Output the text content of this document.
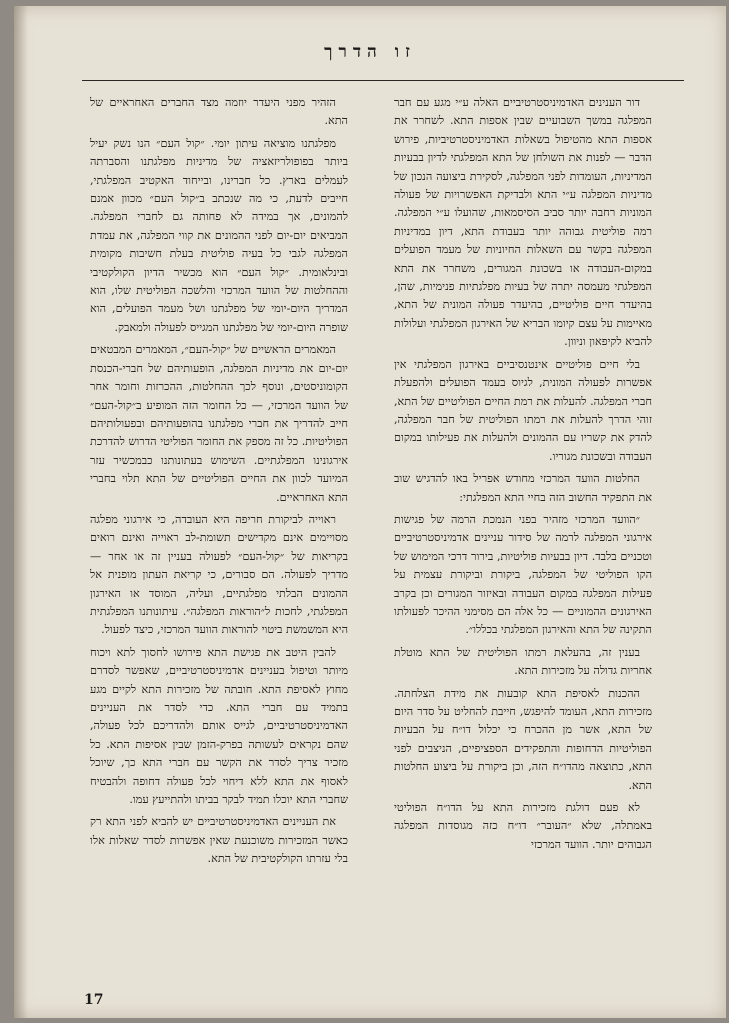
זו הדרך

דור הענינים האדמיניסטרטיביים האלה ע״י מגע עם חבר המפלגה במשך השבועיים שבין אספות התא. לשחרר את אספות התא מהטיפול בשאלות האדמיניסטרטיביות, פירוש הדבר — לפנות את השולחן של התא המפלגתי לדיון בבעיות המדיניות, העומדות לפני המפלגה, לסקירת ביצועה הנכון של מדיניות המפלגה ע״י התא ולבדיקת האפשרויות של פעולה המוניות רחבה יותר סביב הסיסמאות, שהועלו ע״י המפלגה. רמה פוליטית גבוהה יותר בעבודת התא, דיון במדיניות המפלגה בקשר עם השאלות החיוניות של מעמד הפועלים במקום-העבודה או בשכונת המגורים, משחרר את התא המפלגתי מעמסה יתרה של בעיות מפלגתיות פנימיות, שהן, בהיעדר חיים פוליטיים, בהיעדר פעולה המונית של התא, מאיימות על עצם קיומו הבריא של האירגון המפלגתי ועלולות להביא לקיפאון וניוון.

בלי חיים פוליטיים אינטנסיביים באירגון המפלגתי אין אפשרות לפעולה המונית, לגיוס בעמד הפועלים ולהפעלת חברי המפלגה. להעלות את רמת החיים הפוליטיים של התא, זוהי הדרך להעלות את רמתו הפוליטית של חבר המפלגה, להדק את קשריו עם ההמונים ולהעלות את פעילותו במקום העבודה ובשכונת מגוריו.

החלטות הוועד המרכזי מחודש אפריל באו להדגיש שוב את התפקיד החשוב הזה בחיי התא המפלגתי:

״הוועד המרכזי מזהיר בפני הנמכת הרמה של פגישות אירגוני המפלגה לרמה של סידור עניינים אדמיניסטרטיביים וטכניים בלבד. דיון בבעיות פוליטיות, בירור דרכי המימוש של הקו הפוליטי של המפלגה, ביקורת וביקורת עצמית על פעילות המפלגה במקום העבודה ובאיזור המגורים וכן בקרב האירגונים ההמוניים — כל אלה הם מסימני ההיכר לפעולתו התקינה של התא והאירגון המפלגתי בכללו״.

בענין זה, בהעלאת רמתו הפוליטית של התא מוטלת אחריות גדולה על מזכירות התא.

ההכנות לאסיפת התא קובעות את מידת הצלחתה. מזכירות התא, העומד להיפגש, חייבת להחליט על סדר היום של התא, אשר מן ההכרח כי יכלול דו״ח על הבעיות הפוליטיות הדחופות והתפקידים הספציפיים, הניצבים לפני התא, כתוצאה מהדו״ח הזה, וכן ביקורת על ביצוע החלטות התא.

לא פעם דולגת מזכירות התא על הדו״ח הפוליטי באמתלה, שלא ״העובר״ דו״ח כזה מגוסדות המפלגה הגבוהים יותר. הוועד המרכזי

הזהיר מפני היעדר יוזמה מצד החברים האחראיים של התא.

מפלגתנו מוציאה עיתון יומי. ״קול העם״ הנו נשק יעיל ביותר בפופולריזאציה של מדיניות מפלגתנו והסברתה לעמלים בארץ. כל חברינו, ובייחוד האקטיב המפלגתי, חייבים לדעת, כי מה שנכתב ב״קול העם״ מכוון אמנם להמונים, אך במידה לא פחותה גם לחברי המפלגה. המביאים יום-יום לפני ההמונים את קווי המפלגה, את עמדת המפלגה לגבי כל בעיה פוליטית בעלת חשיבות מקומית ובינלאומית. ״קול העם״ הוא מכשיר הדיון הקולקטיבי וההחלטות של הוועד המרכזי והלשכה הפוליטית שלו, הוא המדריך היום-יומי של מפלגתנו ושל מעמד הפועלים, הוא שופרה היום-יומי של מפלגתנו המגייס לפעולה ולמאבק.

המאמרים הראשיים של ״קול-העם״, המאמרים המבטאים יום-יום את מדיניות המפלגה, הופעותיהם של חברי-הכנסת הקומוניסטים, ונוסף לכך ההחלטות, ההכרזות וחומר אחר של הוועד המרכזי, — כל החומר הזה המופיע ב״קול-העם״ חייב להדריך את חברי מפלגתנו בהופעותיהם ובפעולותיהם הפוליטיות. כל זה מספק את החומר הפוליטי הדרוש להדרכת אירגונינו המפלגתיים. השימוש בעתונותנו כבמכשיר עזר המיועד לכוון את החיים הפוליטיים של התא תלוי בחברי התא האחראיים.

ראוייה לביקורת חריפה היא העובדה, כי אירגוני מפלגה מסויימים אינם מקדישים תשומת-לב ראוייה ואינם רואים בקריאות של ״קול-העם״ לפעולה בעניין זה או אחר — מדריך לפעולה. הם סבורים, כי קריאת העתון מופנית אל ההמונים הבלתי מפלגתיים, ועליה, המוסד או האירגון המפלגתי, לחכות ל״הוראות המפלגה״. עיתונותנו המפלגתית היא המשמשת ביטוי להוראות הוועד המרכזי, כיצד לפעול.

להבין היטב את פגישת התא פירושו לחסוך לתא ויכוח מיותר וטיפול בעניינים אדמיניסטרטיביים, שאפשר לסדרם מחוץ לאסיפת התא. חובתה של מזכירות התא לקיים מגע בתמיד עם חברי התא. כדי לסדר את העניינים האדמיניסטרטיביים, לגייס אותם ולהדריכם לכל פעולה, שהם נקראים לעשותה בפרק-הזמן שבין אסיפות התא. כל מזכיר צריך לסדר את הקשר עם חברי התא כך, שיוכל לאסוף את התא ללא דיחוי לכל פעולה דחופה ולהבטיח שחברי התא יוכלו תמיד לבקר בביתו ולהתייעץ עמו.

את העניינים האדמיניסטרטיביים יש להביא לפני התא רק כאשר המזכירות משוכנעת שאין אפשרות לסדר שאלות אלו בלי עזרתו הקולקטיבית של התא.

17
